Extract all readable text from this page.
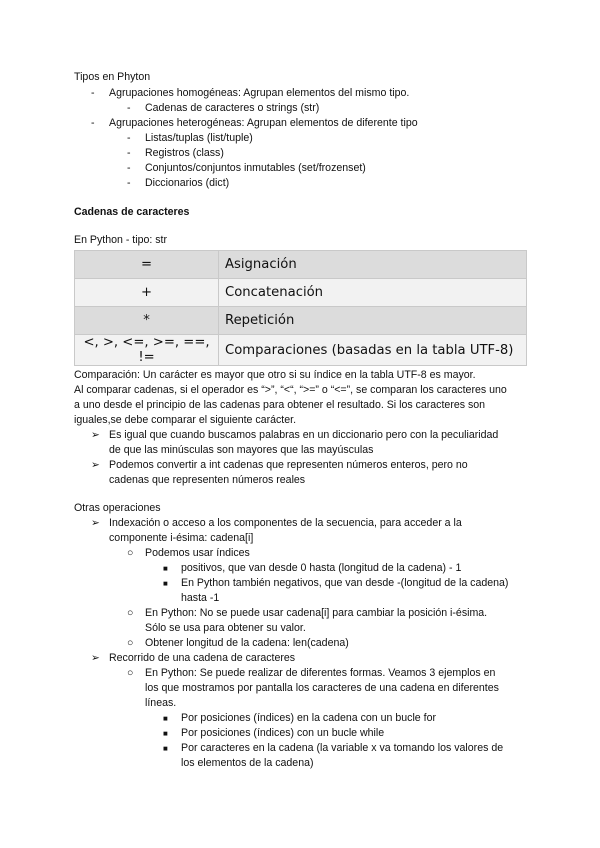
Tipos en Phyton
- Agrupaciones homogéneas: Agrupan elementos del mismo tipo.
- Cadenas de caracteres o strings (str)
- Agrupaciones heterogéneas: Agrupan elementos de diferente tipo
- Listas/tuplas (list/tuple)
- Registros (class)
- Conjuntos/conjuntos inmutables (set/frozenset)
- Diccionarios (dict)
Cadenas de caracteres
En Python - tipo: str
=	Asignación
+	Concatenación
*	Repetición
<, >, <=, >=, ==, !=	Comparaciones (basadas en la tabla UTF-8)
Comparación: Un carácter es mayor que otro si su índice en la tabla UTF-8 es mayor.
Al comparar cadenas, si el operador es “>”, “<“, “>=” o “<=”, se comparan los caracteres uno
a uno desde el principio de las cadenas para obtener el resultado. Si los caracteres son
iguales,se debe comparar el siguiente carácter.
➢ Es igual que cuando buscamos palabras en un diccionario pero con la peculiaridad
de que las minúsculas son mayores que las mayúsculas
➢ Podemos convertir a int cadenas que representen números enteros, pero no
cadenas que representen números reales
Otras operaciones
➢ Indexación o acceso a los componentes de la secuencia, para acceder a la
componente i-ésima: cadena[i]
○ Podemos usar índices
■ positivos, que van desde 0 hasta (longitud de la cadena) - 1
■ En Python también negativos, que van desde -(longitud de la cadena)
hasta -1
○ En Python: No se puede usar cadena[i] para cambiar la posición i-ésima.
Sólo se usa para obtener su valor.
○ Obtener longitud de la cadena: len(cadena)
➢ Recorrido de una cadena de caracteres
○ En Python: Se puede realizar de diferentes formas. Veamos 3 ejemplos en
los que mostramos por pantalla los caracteres de una cadena en diferentes
líneas.
■ Por posiciones (índices) en la cadena con un bucle for
■ Por posiciones (índices) con un bucle while
■ Por caracteres en la cadena (la variable x va tomando los valores de
los elementos de la cadena)
